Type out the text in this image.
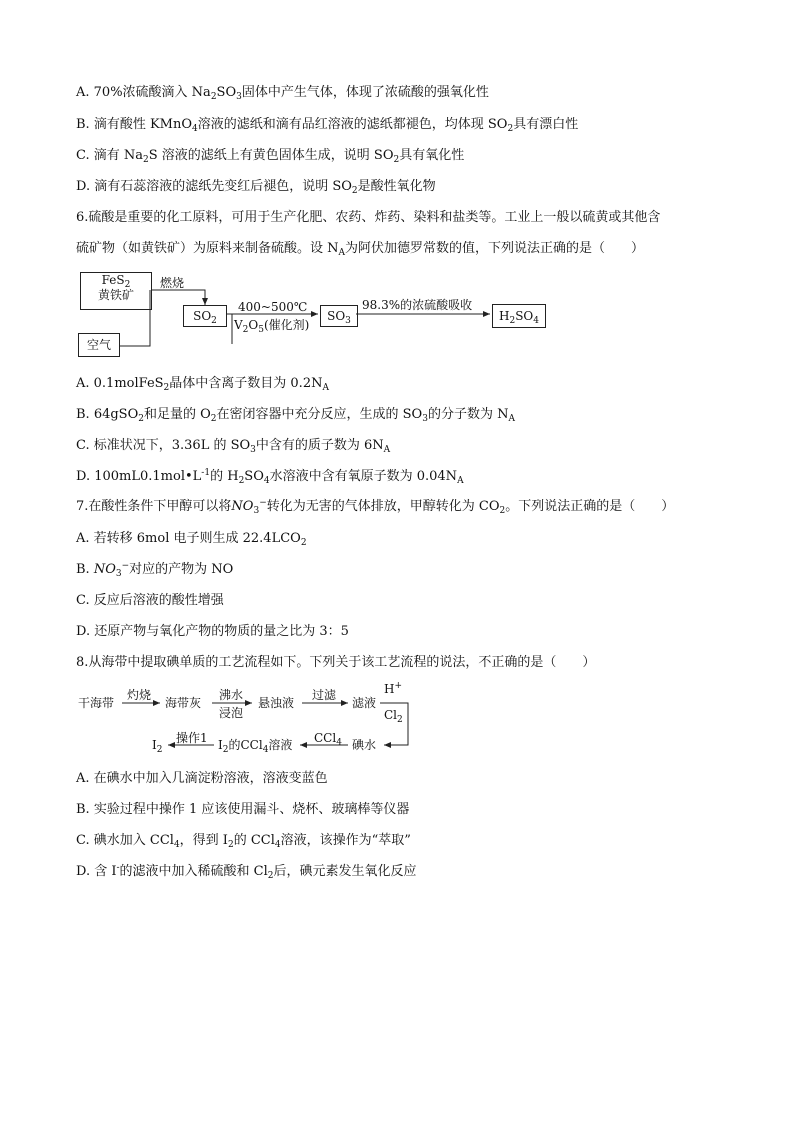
A. 70%浓硫酸滴入 $Na_2SO_3$固体中产生气体，体现了浓硫酸的强氧化性
B. 滴有酸性 KMnO$_4$溶液的滤纸和滴有品红溶液的滤纸都褪色，均体现 $SO_2$具有漂白性
C. 滴有 $Na_2S$ 溶液的滤纸上有黄色固体生成，说明 $SO_2$具有氧化性
D. 滴有石蕊溶液的滤纸先变红后褪色，说明 $SO_2$是酸性氧化物
6.硫酸是重要的化工原料，可用于生产化肥、农药、炸药、染料和盐类等。工业上一般以硫黄或其他含
硫矿物（如黄铁矿）为原料来制备硫酸。设 $N_A$为阿伏加德罗常数的值，下列说法正确的是（　　）
FeS$_2$
黄铁矿
燃烧
空气
$SO_2$
400~500℃
$V_2O_5$(催化剂)
$SO_3$
98.3%的浓硫酸吸收
$H_2SO_4$
A. 0.1molFeS$_2$晶体中含离子数目为 $0.2N_A$
B. 64gSO$_2$和足量的 $O_2$在密闭容器中充分反应，生成的 $SO_3$的分子数为 $N_A$
C. 标准状况下，3.36L 的 $SO_3$中含有的质子数为 $6N_A$
D. $100mL0.1mol•L^{-1}$的 $H_2SO_4$水溶液中含有氧原子数为 $0.04N_A$
7.在酸性条件下甲醇可以将$NO_3^-$转化为无害的气体排放，甲醇转化为 $CO_2$。下列说法正确的是（　　）
A. 若转移 6mol 电子则生成 $22.4LCO_2$
B. $NO_3^-$对应的产物为 NO
C. 反应后溶液的酸性增强
D. 还原产物与氧化产物的物质的量之比为 3：5
8.从海带中提取碘单质的工艺流程如下。下列关于该工艺流程的说法，不正确的是（　　）
干海带
灼烧
海带灰
沸水
浸泡
悬浊液
过滤
滤液
H+
$Cl_2$
碘水
CCl$_4$
$I_2$的CCl$_4$溶液
操作1
$I_2$
A. 在碘水中加入几滴淀粉溶液，溶液变蓝色
B. 实验过程中操作 1 应该使用漏斗、烧杯、玻璃棒等仪器
C. 碘水加入 CCl$_4$，得到 $I_2$的 CCl$_4$溶液，该操作为“萃取”
D. 含 I-的滤液中加入稀硫酸和 $Cl_2$后，碘元素发生氧化反应
